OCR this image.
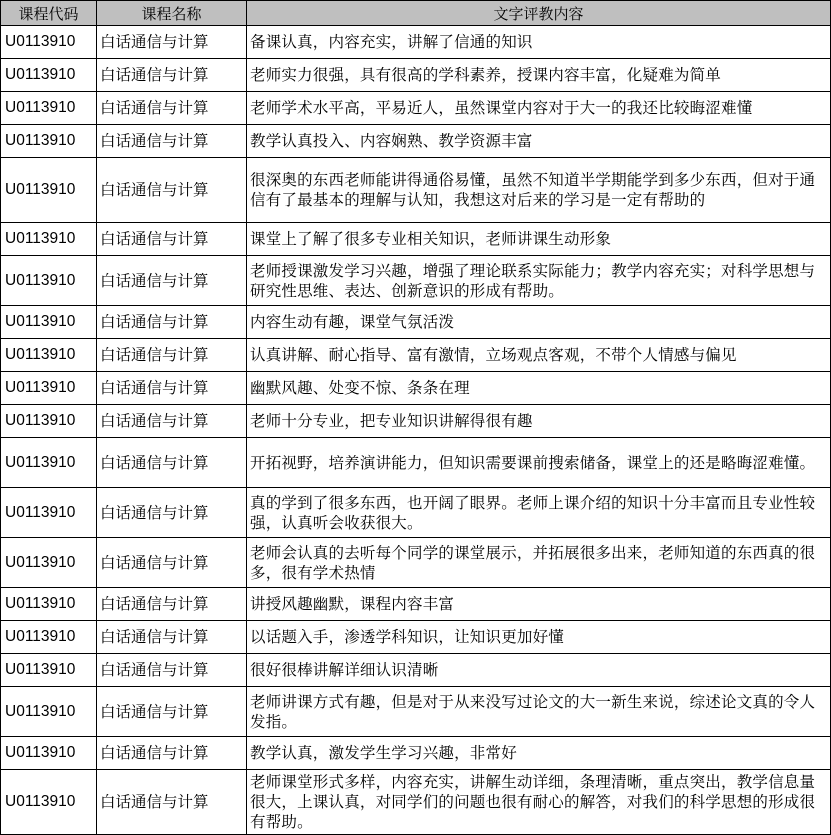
课程代码	课程名称	文字评教内容
U0113910	白话通信与计算	备课认真，内容充实，讲解了信通的知识
U0113910	白话通信与计算	老师实力很强，具有很高的学科素养，授课内容丰富，化疑难为简单
U0113910	白话通信与计算	老师学术水平高，平易近人，虽然课堂内容对于大一的我还比较晦涩难懂
U0113910	白话通信与计算	教学认真投入、内容娴熟、教学资源丰富
U0113910	白话通信与计算	很深奥的东西老师能讲得通俗易懂，虽然不知道半学期能学到多少东西，但对于通信有了最基本的理解与认知，我想这对后来的学习是一定有帮助的
U0113910	白话通信与计算	课堂上了解了很多专业相关知识，老师讲课生动形象
U0113910	白话通信与计算	老师授课激发学习兴趣，增强了理论联系实际能力；教学内容充实；对科学思想与研究性思维、表达、创新意识的形成有帮助。
U0113910	白话通信与计算	内容生动有趣，课堂气氛活泼
U0113910	白话通信与计算	认真讲解、耐心指导、富有激情，立场观点客观，不带个人情感与偏见
U0113910	白话通信与计算	幽默风趣、处变不惊、条条在理
U0113910	白话通信与计算	老师十分专业，把专业知识讲解得很有趣
U0113910	白话通信与计算	开拓视野，培养演讲能力，但知识需要课前搜索储备，课堂上的还是略晦涩难懂。
U0113910	白话通信与计算	真的学到了很多东西，也开阔了眼界。老师上课介绍的知识十分丰富而且专业性较强，认真听会收获很大。
U0113910	白话通信与计算	老师会认真的去听每个同学的课堂展示，并拓展很多出来，老师知道的东西真的很多，很有学术热情
U0113910	白话通信与计算	讲授风趣幽默，课程内容丰富
U0113910	白话通信与计算	以话题入手，渗透学科知识，让知识更加好懂
U0113910	白话通信与计算	很好很棒讲解详细认识清晰
U0113910	白话通信与计算	老师讲课方式有趣，但是对于从来没写过论文的大一新生来说，综述论文真的令人发指。
U0113910	白话通信与计算	教学认真，激发学生学习兴趣，非常好
U0113910	白话通信与计算	老师课堂形式多样，内容充实，讲解生动详细，条理清晰，重点突出，教学信息量很大，上课认真，对同学们的问题也很有耐心的解答，对我们的科学思想的形成很有帮助。
